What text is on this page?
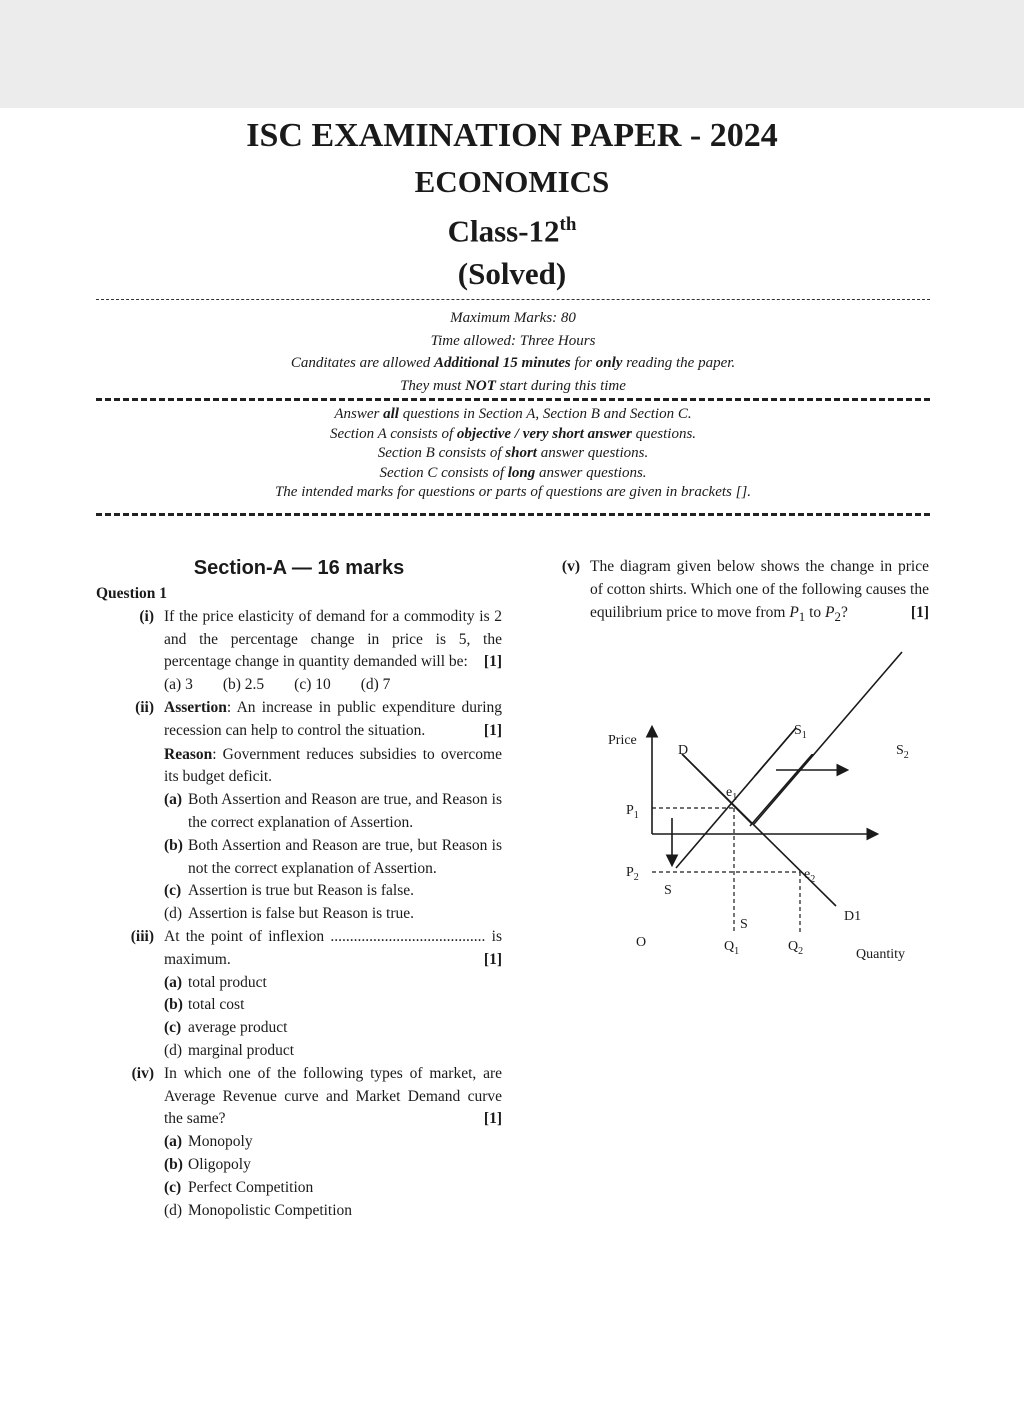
ISC EXAMINATION PAPER - 2024
ECONOMICS
Class-12th
(Solved)
Maximum Marks: 80
Time allowed: Three Hours
Canditates are allowed Additional 15 minutes for only reading the paper.
They must NOT start during this time
Answer all questions in Section A, Section B and Section C.
Section A consists of objective / very short answer questions.
Section B consists of short answer questions.
Section C consists of long answer questions.
The intended marks for questions or parts of questions are given in brackets [].
Section-A — 16 marks
Question 1
(i) If the price elasticity of demand for a commodity is 2 and the percentage change in price is 5, the percentage change in quantity demanded will be: [1]
(a) 3 (b) 2.5 (c) 10 (d) 7
(ii) Assertion: An increase in public expenditure during recession can help to control the situation.	[1]
Reason: Government reduces subsidies to overcome its budget deficit.
(a) Both Assertion and Reason are true, and Reason is the correct explanation of Assertion.
(b) Both Assertion and Reason are true, but Reason is not the correct explanation of Assertion.
(c) Assertion is true but Reason is false.
(d) Assertion is false but Reason is true.
(iii) At the point of inflexion ........................................ is maximum.	[1]
(a) total product
(b) total cost
(c) average product
(d) marginal product
(iv) In which one of the following types of market, are Average Revenue curve and Market Demand curve the same?	[1]
(a) Monopoly
(b) Oligopoly
(c) Perfect Competition
(d) Monopolistic Competition
(v) The diagram given below shows the change in price of cotton shirts. Which one of the following causes the equilibrium price to move from $P_1$ to $P_2$?	[1]
Price
Quantity
O
D
D1
S
S
$S_1$
$S_2$
$e_1$
$e_2$
$P_1$
$P_2$
$Q_1$	$Q_2$
